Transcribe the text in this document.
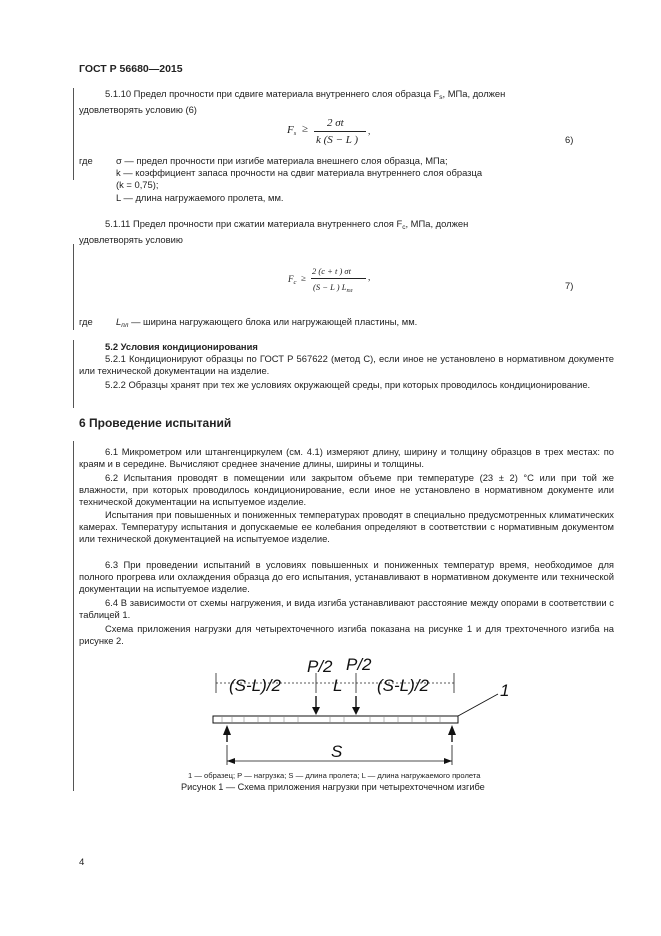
ГОСТ Р 56680—2015
5.1.10 Предел прочности при сдвиге материала внутреннего слоя образца $F_s$, МПа, должен
удовлетворять условию (6)
$F_s \ge 2$ σt
k (S − L )
,
6)
где σ — предел прочности при изгибе материала внешнего слоя образца, МПа;
k — коэффициент запаса прочности на сдвиг материала внутреннего слоя образца
(k = 0,75);
L — длина нагружаемого пролета, мм.
5.1.11 Предел прочности при сжатии материала внутреннего слоя $F_c$, МПа, должен
удовлетворять условию
$F_c$ ≥
2 (c + t ) σt
(S − L ) $L_{пл}$
,
7)
где $L_{пл}$ — ширина нагружающего блока или нагружающей пластины, мм.
5.2 Условия кондиционирования
5.2.1 Кондиционируют образцы по ГОСТ Р 567622 (метод С), если иное не установлено в нормативном документе или технической документации на изделие.
5.2.2 Образцы хранят при тех же условиях окружающей среды, при которых проводилось кондиционирование.
6 Проведение испытаний
6.1 Микрометром или штангенциркулем (см. 4.1) измеряют длину, ширину и толщину образцов в трех местах: по краям и в середине. Вычисляют среднее значение длины, ширины и толщины.
6.2 Испытания проводят в помещении или закрытом объеме при температуре (23 ± 2) °С или при той же влажности, при которых проводилось кондиционирование, если иное не установлено в нормативном документе или технической документации на испытуемое изделие.
Испытания при повышенных и пониженных температурах проводят в специально предусмотренных климатических камерах. Температуру испытания и допускаемые ее колебания определяют в соответствии с нормативным документом или технической документацией на испытуемое изделие.
6.3 При проведении испытаний в условиях повышенных и пониженных температур время, необходимое для полного прогрева или охлаждения образца до его испытания, устанавливают в нормативном документе или технической документации на испытуемое изделие.
6.4 В зависимости от схемы нагружения, и вида изгиба устанавливают расстояние между опорами в соответствии с таблицей 1.
Схема приложения нагрузки для четырехточечного изгиба показана на рисунке 1 и для трехточечного изгиба на рисунке 2.
P/2 P/2
(S-L)/2	L (S-L)/2	1
S
1 — образец; P — нагрузка; S — длина пролета; L — длина нагружаемого пролета
Рисунок 1 — Схема приложения нагрузки при четырехточечном изгибе
4
